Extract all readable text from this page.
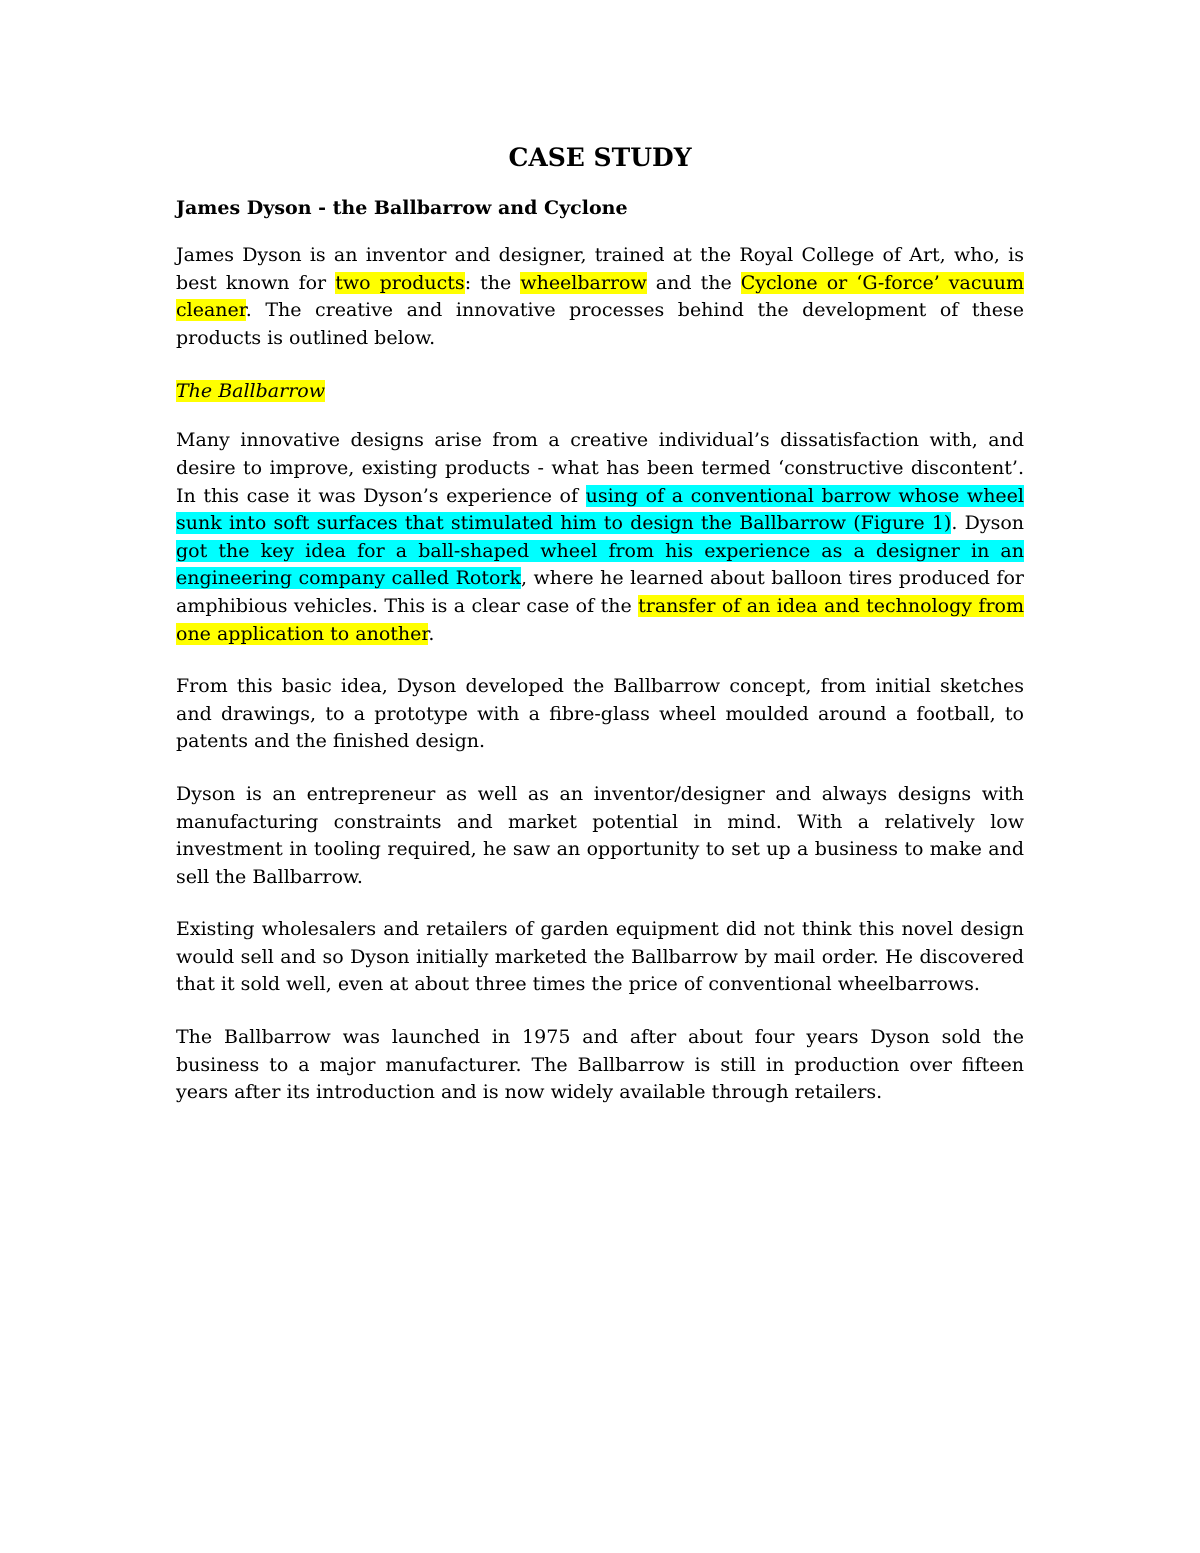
CASE STUDY
James Dyson - the Ballbarrow and Cyclone

James Dyson is an inventor and designer, trained at the Royal College of Art, who, is best known for two products: the wheelbarrow and the Cyclone or ‘G-force’ vacuum cleaner. The creative and innovative processes behind the development of these products is outlined below.

The Ballbarrow

Many innovative designs arise from a creative individual’s dissatisfaction with, and desire to improve, existing products - what has been termed ‘constructive discontent’. In this case it was Dyson’s experience of using of a conventional barrow whose wheel sunk into soft surfaces that stimulated him to design the Ballbarrow (Figure 1). Dyson got the key idea for a ball-shaped wheel from his experience as a designer in an engineering company called Rotork, where he learned about balloon tires produced for amphibious vehicles. This is a clear case of the transfer of an idea and technology from one application to another.

From this basic idea, Dyson developed the Ballbarrow concept, from initial sketches and drawings, to a prototype with a fibre-glass wheel moulded around a football, to patents and the finished design.

Dyson is an entrepreneur as well as an inventor/designer and always designs with manufacturing constraints and market potential in mind. With a relatively low investment in tooling required, he saw an opportunity to set up a business to make and sell the Ballbarrow.

Existing wholesalers and retailers of garden equipment did not think this novel design would sell and so Dyson initially marketed the Ballbarrow by mail order. He discovered that it sold well, even at about three times the price of conventional wheelbarrows.

The Ballbarrow was launched in 1975 and after about four years Dyson sold the business to a major manufacturer. The Ballbarrow is still in production over fifteen years after its introduction and is now widely available through retailers.
